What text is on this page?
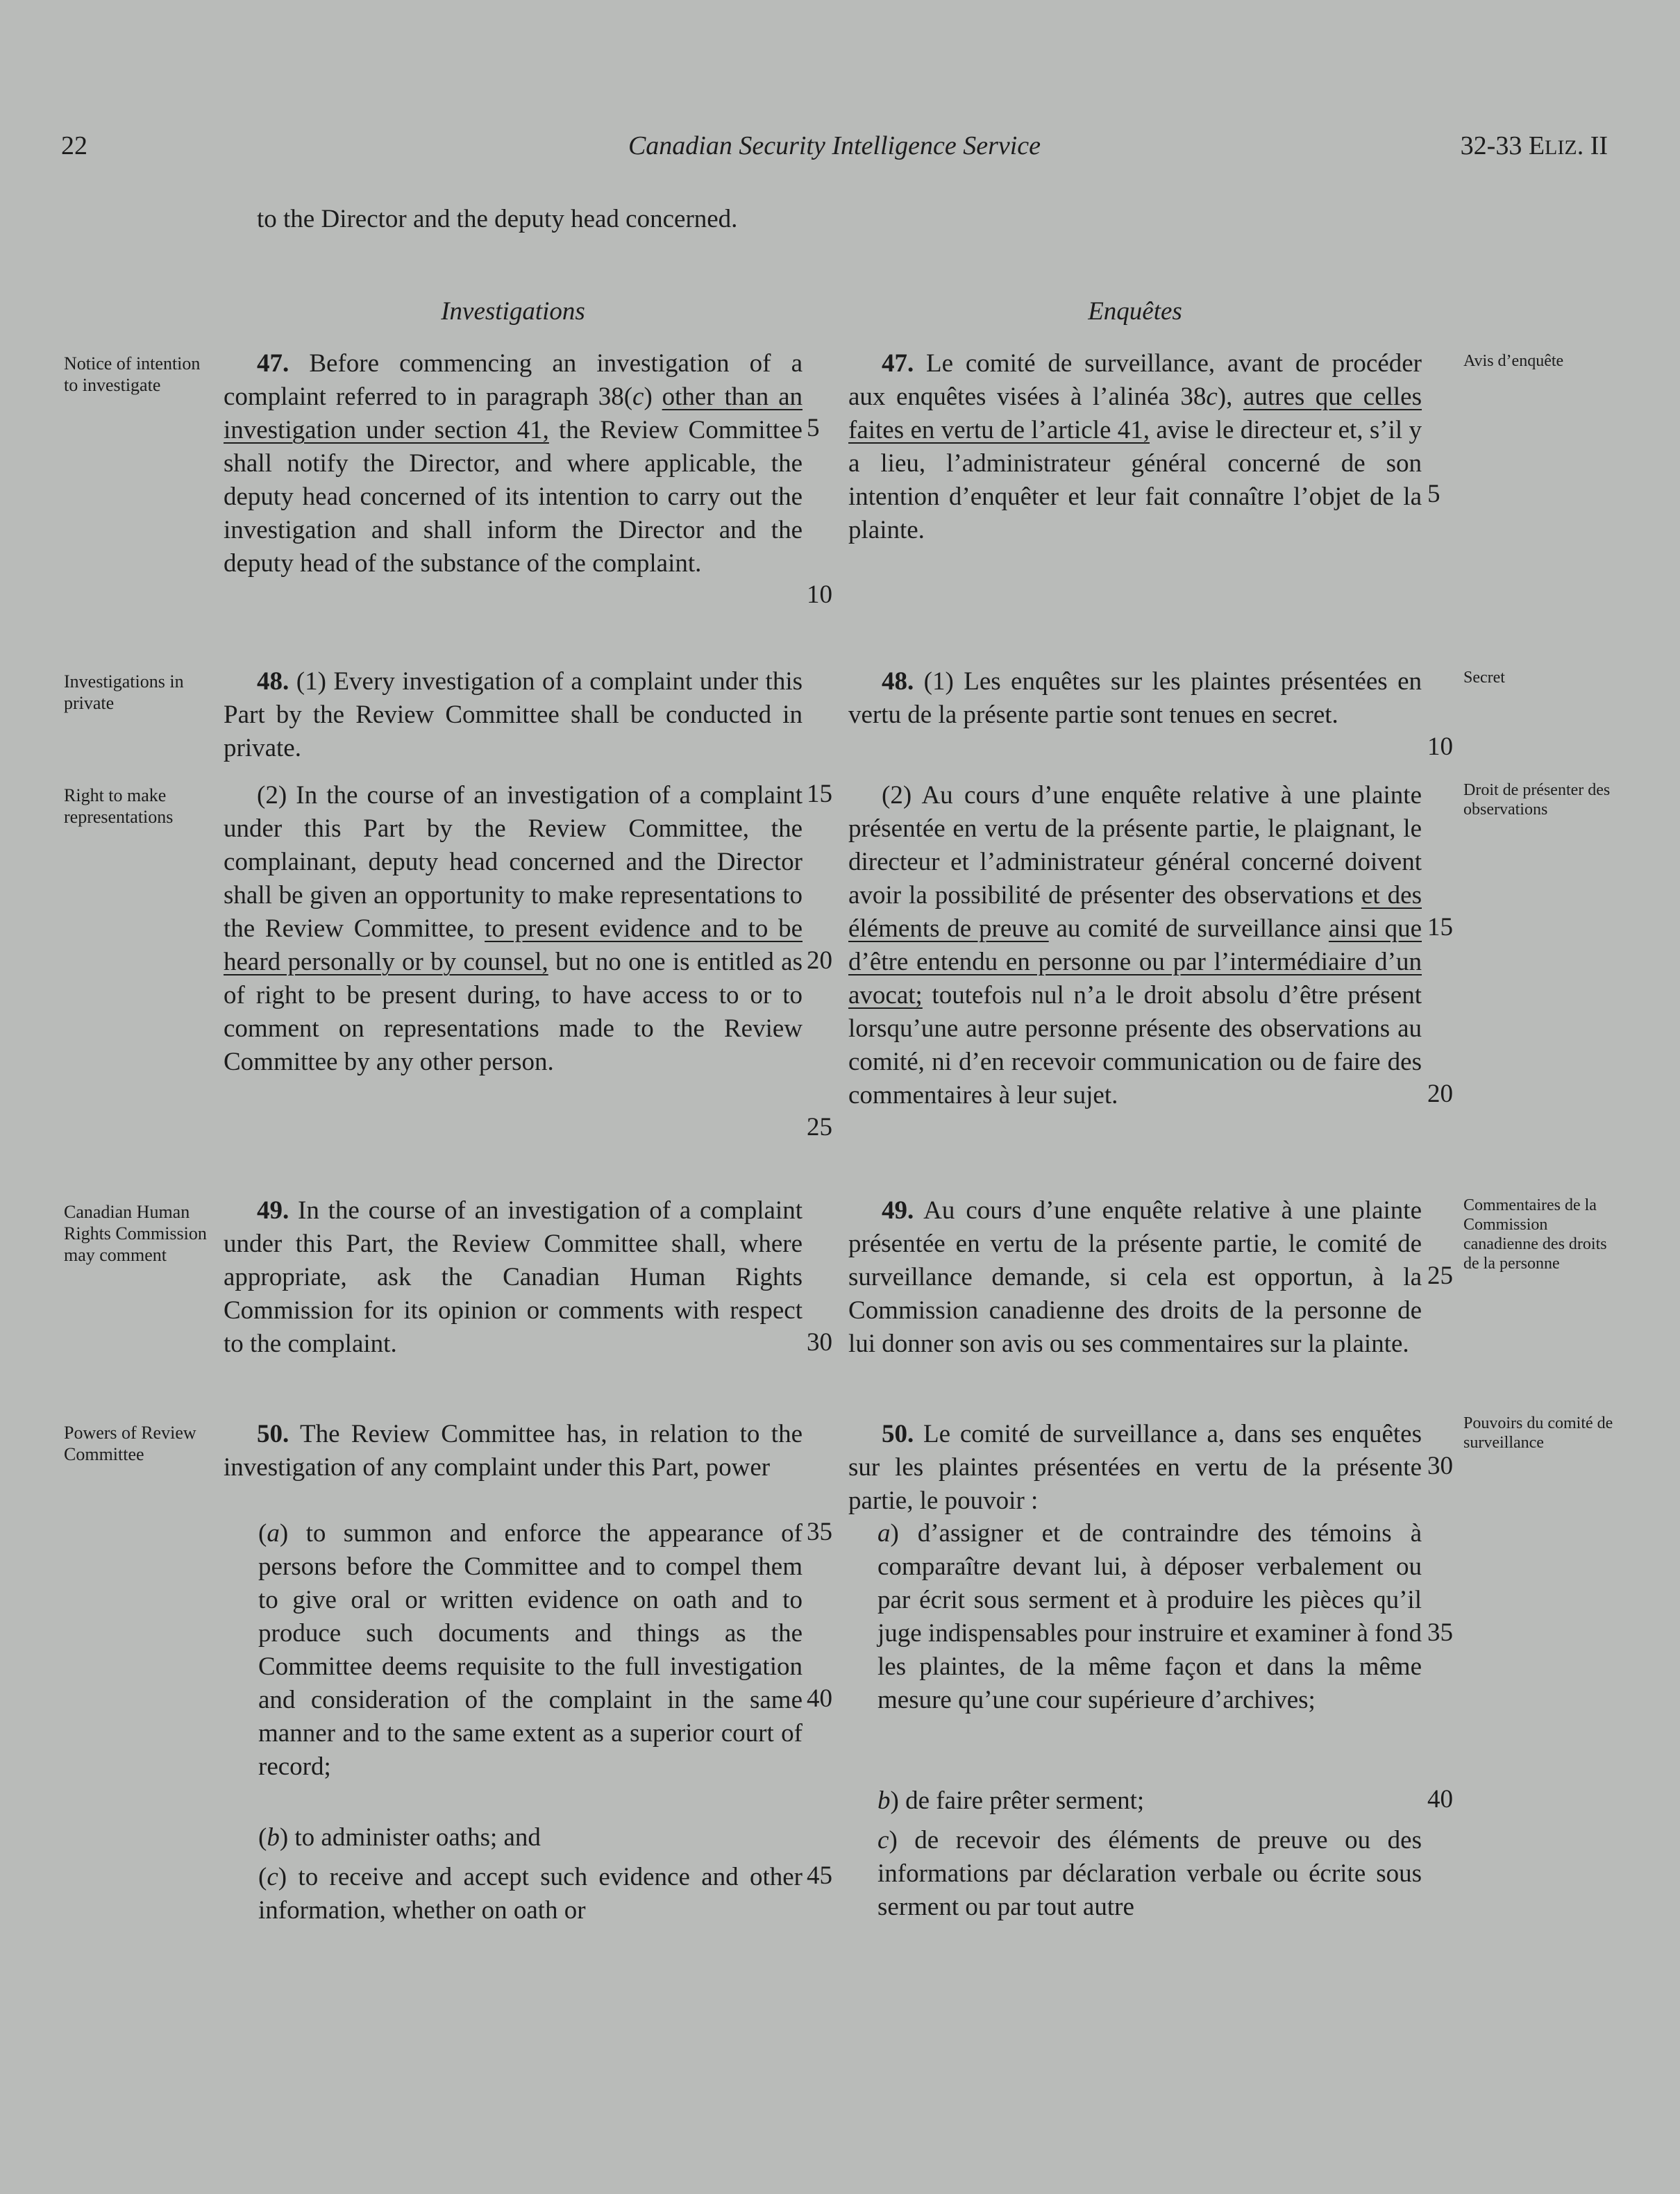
22	Canadian Security Intelligence Service	32-33 ELIZ. II

to the Director and the deputy head concerned.

Investigations

47. Before commencing an investigation of a complaint referred to in paragraph 38(c) other than an investigation under section 41, the Review Committee shall notify the Director, and where applicable, the deputy head concerned of its intention to carry out the investigation and shall inform the Director and the deputy head of the substance of the complaint.

48. (1) Every investigation of a complaint under this Part by the Review Committee shall be conducted in private.

(2) In the course of an investigation of a complaint under this Part by the Review Committee, the complainant, deputy head concerned and the Director shall be given an opportunity to make representations to the Review Committee, to present evidence and to be heard personally or by counsel, but no one is entitled as of right to be present during, to have access to or to comment on representations made to the Review Committee by any other person.

49. In the course of an investigation of a complaint under this Part, the Review Committee shall, where appropriate, ask the Canadian Human Rights Commission for its opinion or comments with respect to the complaint.

50. The Review Committee has, in relation to the investigation of any complaint under this Part, power

(a) to summon and enforce the appearance of persons before the Committee and to compel them to give oral or written evidence on oath and to produce such documents and things as the Committee deems requisite to the full investigation and consideration of the complaint in the same manner and to the same extent as a superior court of record;

(b) to administer oaths; and

(c) to receive and accept such evidence and other information, whether on oath or

Enquêtes

47. Le comité de surveillance, avant de procéder aux enquêtes visées à l’alinéa 38c), autres que celles faites en vertu de l’article 41, avise le directeur et, s’il y a lieu, l’administrateur général concerné de son intention d’enquêter et leur fait connaître l’objet de la plainte.

48. (1) Les enquêtes sur les plaintes présentées en vertu de la présente partie sont tenues en secret.

(2) Au cours d’une enquête relative à une plainte présentée en vertu de la présente partie, le plaignant, le directeur et l’administrateur général concerné doivent avoir la possibilité de présenter des observations et des éléments de preuve au comité de surveillance ainsi que d’être entendu en personne ou par l’intermédiaire d’un avocat; toutefois nul n’a le droit absolu d’être présent lorsqu’une autre personne présente des observations au comité, ni d’en recevoir communication ou de faire des commentaires à leur sujet.

49. Au cours d’une enquête relative à une plainte présentée en vertu de la présente partie, le comité de surveillance demande, si cela est opportun, à la Commission canadienne des droits de la personne de lui donner son avis ou ses commentaires sur la plainte.

50. Le comité de surveillance a, dans ses enquêtes sur les plaintes présentées en vertu de la présente partie, le pouvoir :

a) d’assigner et de contraindre des témoins à comparaître devant lui, à déposer verbalement ou par écrit sous serment et à produire les pièces qu’il juge indispensables pour instruire et examiner à fond les plaintes, de la même façon et dans la même mesure qu’une cour supérieure d’archives;

b) de faire prêter serment;

c) de recevoir des éléments de preuve ou des informations par déclaration verbale ou écrite sous serment ou par tout autre

5
10
15
20
25
30
35
40
45
5
10
15
20
25
30
35
40
Notice of intention to investigate
Investigations in private
Right to make representations
Canadian Human Rights Commission may comment
Powers of Review Committee
Avis d’enquête
Secret
Droit de présenter des observations
Commentaires de la Commission canadienne des droits de la personne
Pouvoirs du comité de surveillance
